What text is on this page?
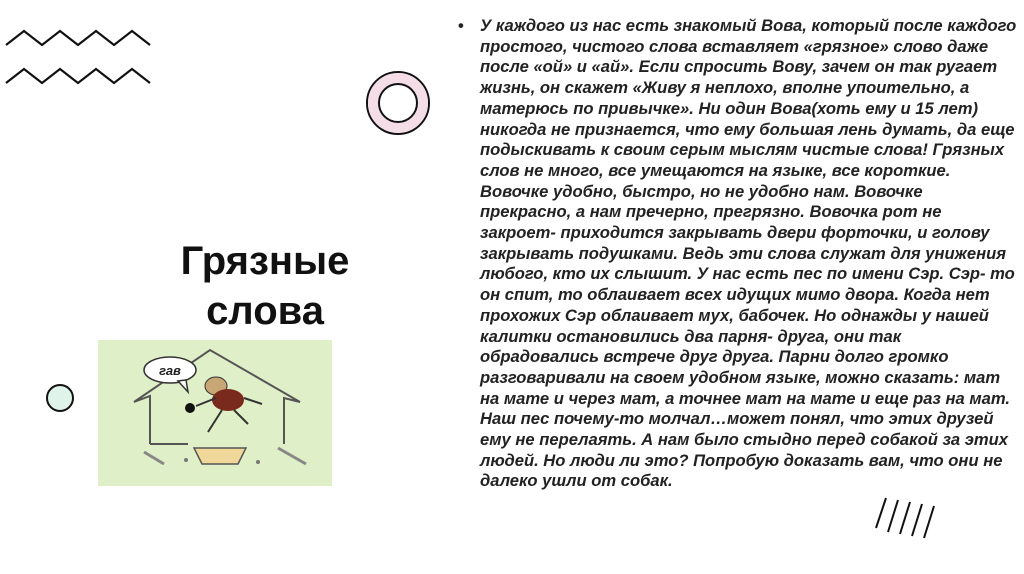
Грязные
слова
гав
• У каждого из нас есть знакомый Вова, который после каждого простого, чистого слова вставляет «грязное» слово даже после «ой» и «ай». Если спросить Вову, зачем он так ругает жизнь, он скажет «Живу я неплохо, вполне упоительно, а матерюсь по привычке». Ни один Вова(хоть ему и 15 лет) никогда не признается, что ему большая лень думать, да еще подыскивать к своим серым мыслям чистые слова! Грязных слов не много, все умещаются на языке, все короткие. Вовочке удобно, быстро, но не удобно нам. Вовочке прекрасно, а нам пречерно, прегрязно. Вовочка рот не закроет- приходится закрывать двери форточки, и голову закрывать подушками. Ведь эти слова служат для унижения любого, кто их слышит. У нас есть пес по имени Сэр. Сэр- то он спит, то облаивает всех идущих мимо двора. Когда нет прохожих Сэр облаивает мух, бабочек. Но однажды у нашей калитки остановились два парня- друга, они так обрадовались встрече друг друга. Парни долго громко разговаривали на своем удобном языке, можно сказать: мат на мате и через мат, а точнее мат на мате и еще раз на мат. Наш пес почему-то молчал…может понял, что этих друзей ему не перелаять. А нам было стыдно перед собакой за этих людей. Но люди ли это? Попробую доказать вам, что они не далеко ушли от собак.
